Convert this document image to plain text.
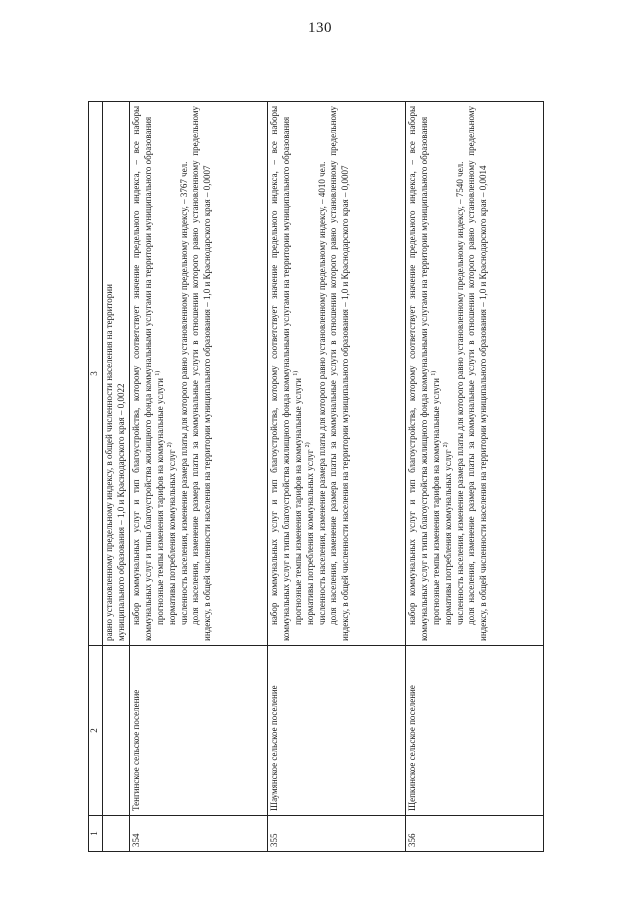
130
1	2	3

		равно установленному предельному индексу, в общей численности населения на территории муниципального образования – 1,0 и Краснодарского края – 0,0022

354	Тенгинское сельское поселение	набор коммунальных услуг и тип благоустройства, которому соответствует значение предельного индекса, – все наборы коммунальных услуг и типы благоустройства жилищного фонда коммунальными услугами на территории муниципального образования прогнозные темпы изменения тарифов на коммунальные услуги $^{1)}$

нормативы потребления коммунальных услуг $^{2)}$ численность населения, изменение размера платы для которого равно установленному предельному индексу, – 3767 чел. доля населения, изменение размера платы за коммунальные услуги в отношении которого равно установленному предельному индексу, в общей численности населения на территории муниципального образования – 1,0 и Краснодарского края – 0,0007

355	Шаумянское сельское поселение	набор коммунальных услуг и тип благоустройства, которому соответствует значение предельного индекса, – все наборы коммунальных услуг и типы благоустройства жилищного фонда коммунальными услугами на территории муниципального образования прогнозные темпы изменения тарифов на коммунальные услуги $^{1)}$

нормативы потребления коммунальных услуг $^{2)}$ численность населения, изменение размера платы для которого равно установленному предельному индексу, – 4010 чел. доля населения, изменение размера платы за коммунальные услуги в отношении которого равно установленному предельному индексу, в общей численности населения на территории муниципального образования – 1,0 и Краснодарского края – 0,0007

356	Щепкинское сельское поселение	набор коммунальных услуг и тип благоустройства, которому соответствует значение предельного индекса, – все наборы коммунальных услуг и типы благоустройства жилищного фонда коммунальными услугами на территории муниципального образования прогнозные темпы изменения тарифов на коммунальные услуги $^{1)}$

нормативы потребления коммунальных услуг $^{2)}$ численность населения, изменение размера платы для которого равно установленному предельному индексу, – 7540 чел. доля населения, изменение размера платы за коммунальные услуги в отношении которого равно установленному предельному индексу, в общей численности населения на территории муниципального образования – 1,0 и Краснодарского края – 0,0014
